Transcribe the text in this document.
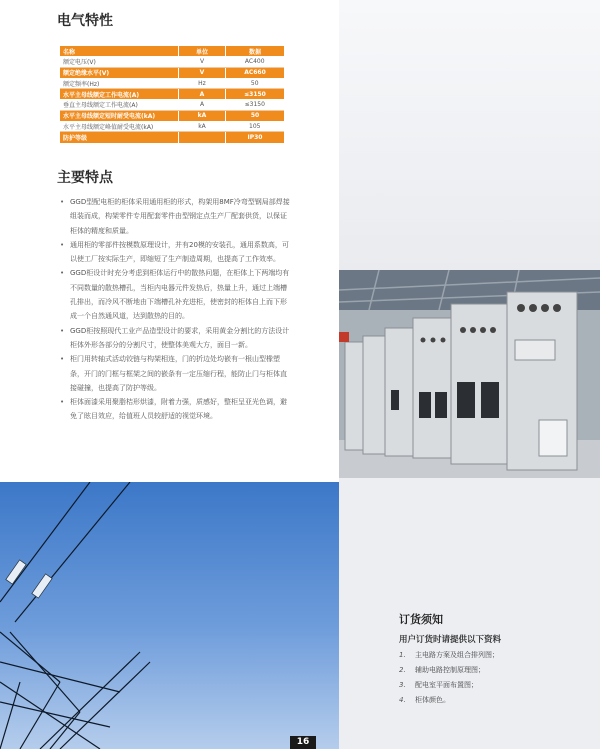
电气特性
名称	单位	数据
额定电压(V)	V	AC400
额定绝缘水平(V)	V	AC660
额定频率(Hz)	Hz	50
水平主母线额定工作电流(A)	A	≤3150
垂直主母线额定工作电流(A)	A	≤3150
水平主母线额定短时耐受电流(kA)	kA	50
水平主母线额定峰值耐受电流(kA)	kA	105
防护等级		IP30
主要特点
• GGD型配电柜的柜体采用通用柜的形式，构架用8MF冷弯型钢局部焊接组装而成，构架零件专用配套零件由型钢定点生产厂配套供货，以保证柜体的精度和质量。
• 通用柜的零部件按模数原理设计，并有20模的安装孔，通用系数高，可以使工厂按实际生产，即缩短了生产制造周期，也提高了工作效率。
• GGD柜设计时充分考虑到柜体运行中的散热问题，在柜体上下两端均有不同数量的散热槽孔，当柜内电器元件发热后，热量上升，通过上端槽孔排出，而冷风不断地由下端槽孔补充进柜，使密封的柜体自上而下形成一个自然通风道，达到散热的目的。
• GGD柜按照现代工业产品造型设计的要求，采用黄金分割比的方法设计柜体外形各部分的分割尺寸，使整体美观大方，面目一新。
• 柜门用转轴式活动铰链与构架相连，门的折边处均嵌有一根山型橡塑条，开门的门框与框架之间的嵌条有一定压缩行程，能防止门与柜体直接碰撞，也提高了防护等级。
• 柜体面漆采用聚脂桔形烘漆，附着力强，质感好，整柜呈亚光色调，避免了眩目效应，给值班人员较舒适的视觉环境。
订货须知
用户订货时请提供以下资料
1. 主电路方案及组合排列图；
2. 辅助电路控制原理图；
3. 配电室平面布置图；
4. 柜体颜色。
16
